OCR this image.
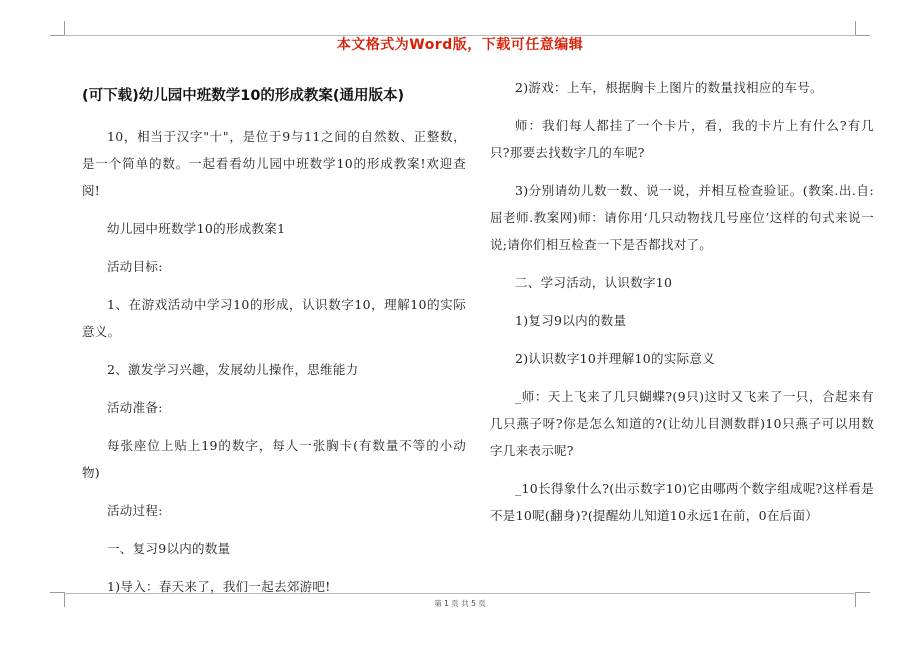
本文格式为Word版，下载可任意编辑
(可下载)幼儿园中班数学10的形成教案(通用版本)

10，相当于汉字"十"，是位于9与11之间的自然数、正整数，是一个简单的数。一起看看幼儿园中班数学10的形成教案!欢迎查阅!

幼儿园中班数学10的形成教案1

活动目标:

1、在游戏活动中学习10的形成，认识数字10，理解10的实际意义。

2、激发学习兴趣，发展幼儿操作，思维能力

活动准备:

每张座位上贴上19的数字，每人一张胸卡(有数量不等的小动物)

活动过程:

一、复习9以内的数量

1)导入：春天来了，我们一起去郊游吧!

2)游戏：上车，根据胸卡上图片的数量找相应的车号。

师：我们每人都挂了一个卡片，看，我的卡片上有什么?有几只?那要去找数字几的车呢?

3)分别请幼儿数一数、说一说，并相互检查验证。(教案.出.自:屈老师.教案网)师：请你用‘几只动物找几号座位’这样的句式来说一说;请你们相互检查一下是否都找对了。

二、学习活动，认识数字10

1)复习9以内的数量

2)认识数字10并理解10的实际意义

_师：天上飞来了几只蝴蝶?(9只)这时又飞来了一只，合起来有几只燕子呀?你是怎么知道的?(让幼儿目测数群)10只燕子可以用数字几来表示呢?

_10长得象什么?(出示数字10)它由哪两个数字组成呢?这样看是不是10呢(翻身)?(提醒幼儿知道10永远1在前，0在后面）

第 1 页 共 5 页
